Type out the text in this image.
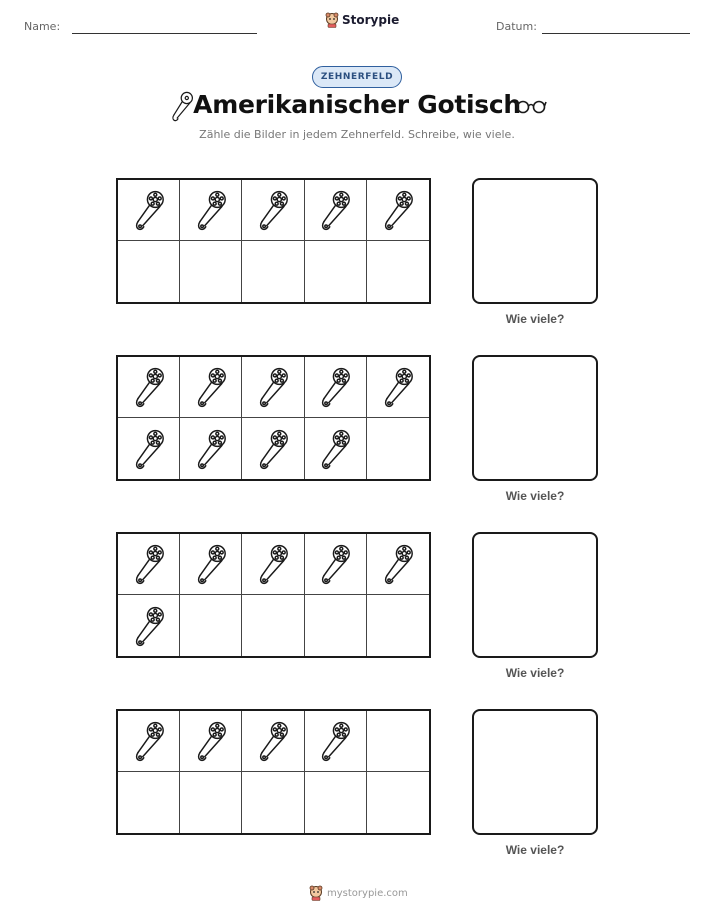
Name:	Storypie	Datum:
ZEHNERFELD
Amerikanischer Gotisch
Zähle die Bilder in jedem Zehnerfeld. Schreibe, wie viele.
Wie viele?
Wie viele?
Wie viele?
Wie viele?
mystorypie.com
